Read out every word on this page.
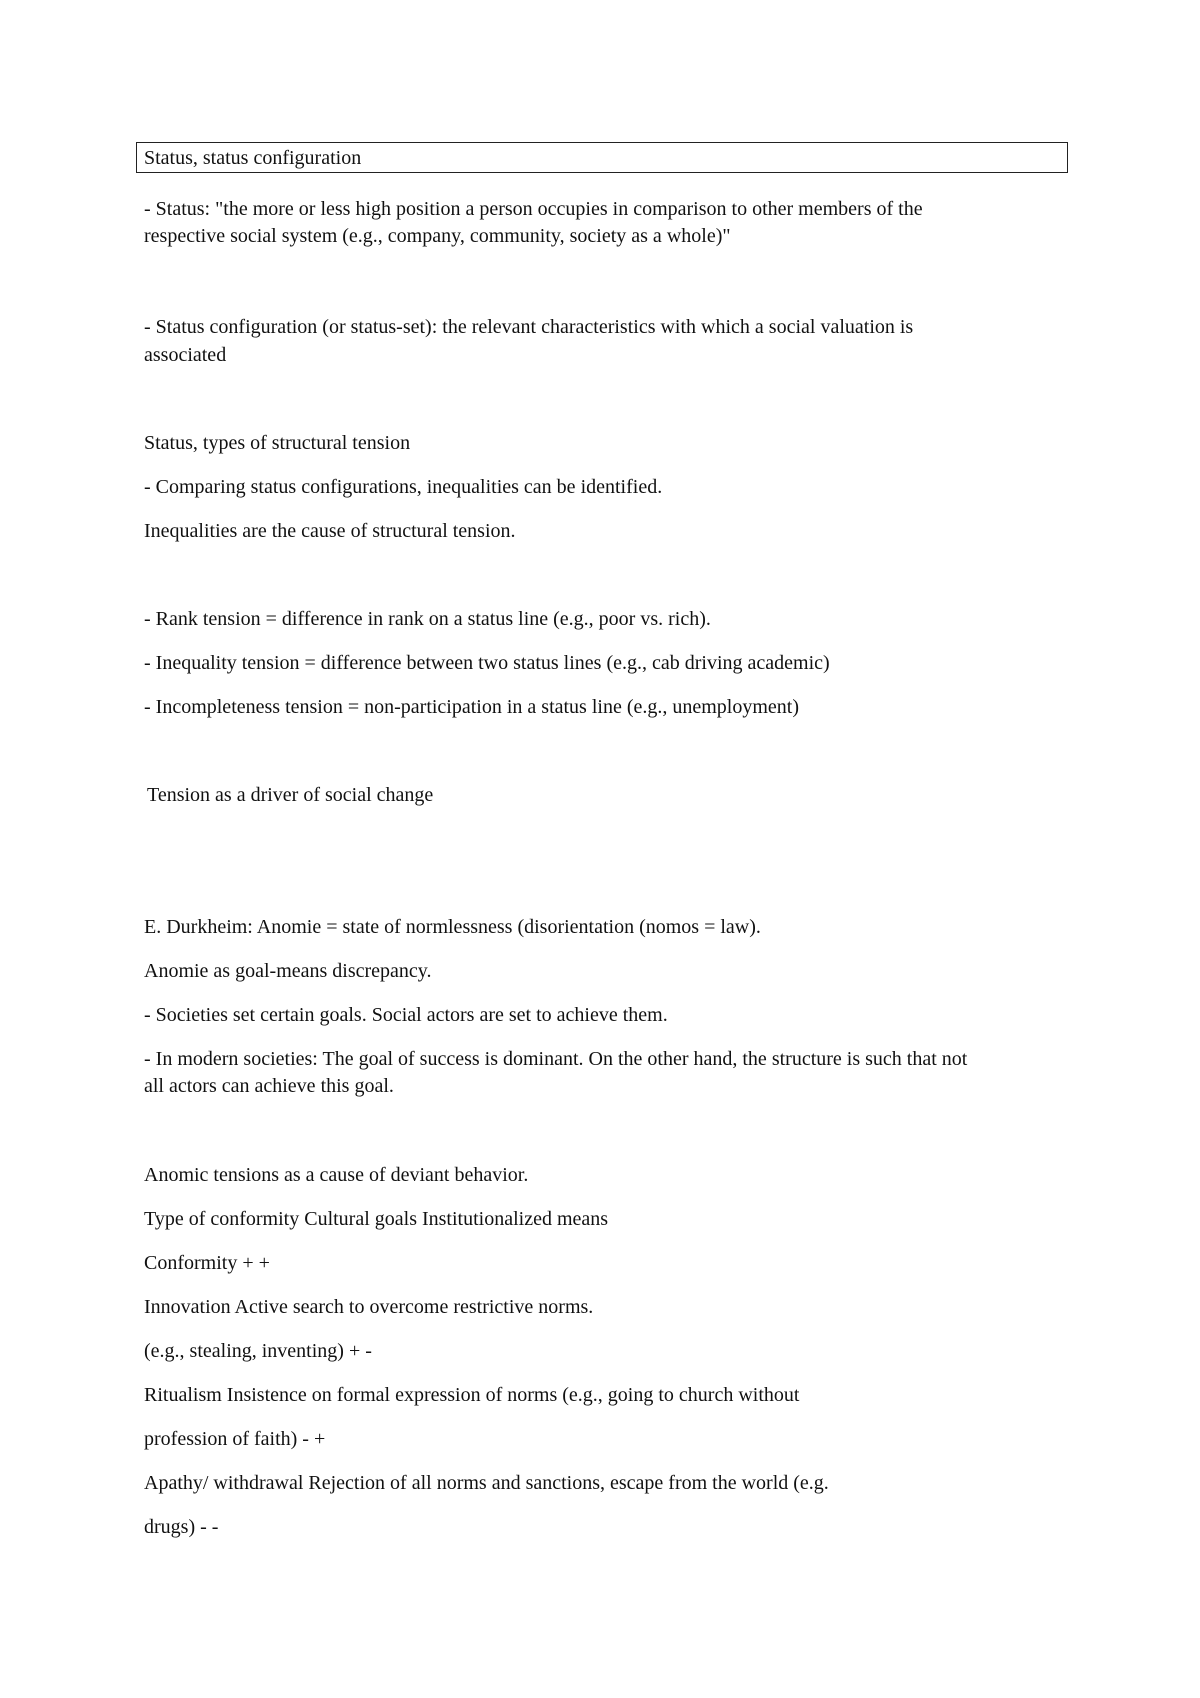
Status, status configuration
- Status: "the more or less high position a person occupies in comparison to other members of the
respective social system (e.g., company, community, society as a whole)"
- Status configuration (or status-set): the relevant characteristics with which a social valuation is
associated
Status, types of structural tension
- Comparing status configurations, inequalities can be identified.
Inequalities are the cause of structural tension.
- Rank tension = difference in rank on a status line (e.g., poor vs. rich).
- Inequality tension = difference between two status lines (e.g., cab driving academic)
- Incompleteness tension = non-participation in a status line (e.g., unemployment)
Tension as a driver of social change
E. Durkheim: Anomie = state of normlessness (disorientation (nomos = law).
Anomie as goal-means discrepancy.
- Societies set certain goals. Social actors are set to achieve them.
- In modern societies: The goal of success is dominant. On the other hand, the structure is such that not
all actors can achieve this goal.
Anomic tensions as a cause of deviant behavior.
Type of conformity Cultural goals Institutionalized means
Conformity + +
Innovation Active search to overcome restrictive norms.
(e.g., stealing, inventing) + -
Ritualism Insistence on formal expression of norms (e.g., going to church without
profession of faith) - +
Apathy/ withdrawal Rejection of all norms and sanctions, escape from the world (e.g.
drugs) - -
